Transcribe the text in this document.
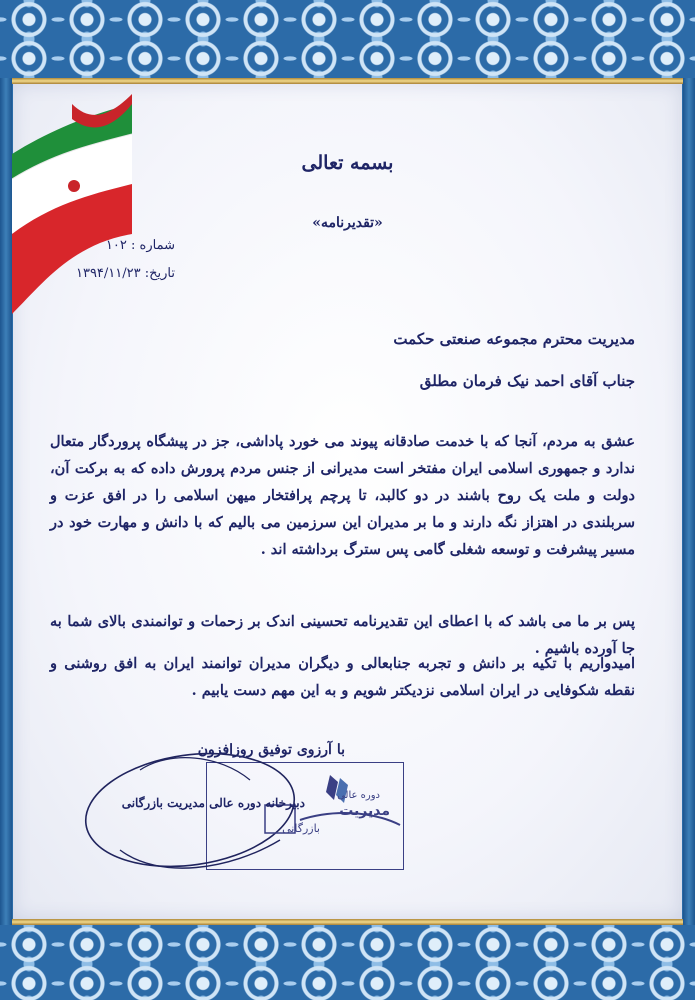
بسمه تعالی
«تقدیرنامه»
شماره : ۱۰۲
تاریخ: ۱۳۹۴/۱۱/۲۳
مدیریت محترم مجموعه صنعتی حکمت
جناب آقای احمد نیک فرمان مطلق
عشق به مردم، آنجا که با خدمت صادقانه پیوند می خورد پاداشی، جز در پیشگاه پروردگار متعال ندارد و جمهوری اسلامی ایران مفتخر است مدیرانی از جنس مردم پرورش داده که به برکت آن، دولت و ملت یک روح باشند در دو کالبد، تا پرچم پرافتخار میهن اسلامی را در افق عزت و سربلندی در اهتزاز نگه دارند و ما بر مدیران این سرزمین می بالیم که با دانش و مهارت خود در مسیر پیشرفت و توسعه شغلی گامی پس سترگ برداشته اند .
پس بر ما می باشد که با اعطای این تقدیرنامه تحسینی اندک بر زحمات و توانمندی بالای شما به جا آورده باشیم .
امیدواریم با تکیه بر دانش و تجربه جنابعالی و دیگران مدیران توانمند ایران به افق روشنی و نقطه شکوفایی در ایران اسلامی نزدیکتر شویم و به این مهم دست یابیم .
دوره عالی
مدیریت
بازرگانی
با آرزوی توفیق روزافزون
دبیرخانه دوره عالی مدیریت بازرگانی
